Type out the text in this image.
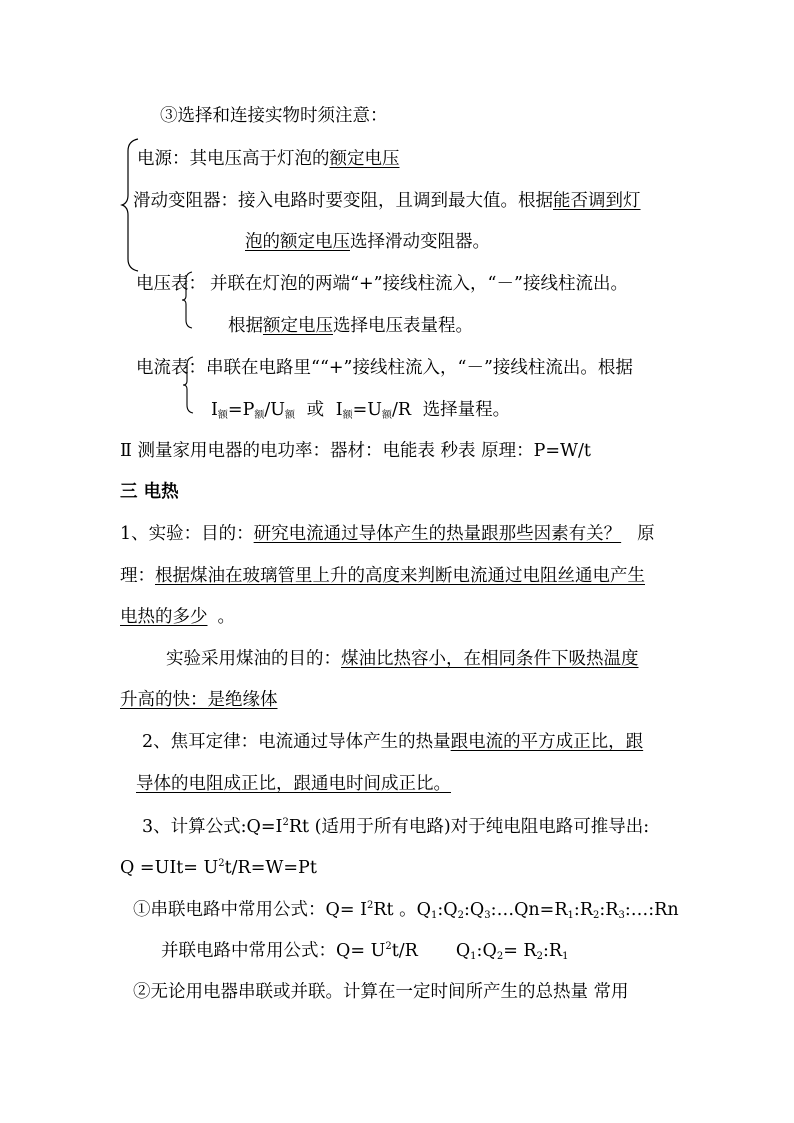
③选择和连接实物时须注意：
电源：其电压高于灯泡的额定电压
滑动变阻器：接入电路时要变阻，且调到最大值。根据能否调到灯
泡的额定电压选择滑动变阻器。
电压表： 并联在灯泡的两端“+”接线柱流入，“－”接线柱流出。
根据额定电压选择电压表量程。
电流表：串联在电路里““+”接线柱流入，“－”接线柱流出。根据
$I_额=P_额/U_额$ 或 $I_额=U_额/R$ 选择量程。
Ⅱ 测量家用电器的电功率：器材：电能表 秒表 原理：P=W/t
三 电热
1、实验：目的：研究电流通过导体产生的热量跟那些因素有关？ 原
理：根据煤油在玻璃管里上升的高度来判断电流通过电阻丝通电产生
电热的多少 。
实验采用煤油的目的：煤油比热容小，在相同条件下吸热温度
升高的快：是绝缘体
2、焦耳定律：电流通过导体产生的热量跟电流的平方成正比，跟
导体的电阻成正比，跟通电时间成正比。
3、计算公式$:Q=I^2Rt$ (适用于所有电路)对于纯电阻电路可推导出:
$Q =UIt= U^2t/R=W=Pt$
①串联电路中常用公式：$Q= I^2Rt$ 。$Q_1:Q_2:Q_3:\dots Qn=R_1:R_2:R_3:\dots:Rn$
并联电路中常用公式：$Q= U^2t/R$ $Q_1:Q_2=$ $R_2:R_1$
②无论用电器串联或并联。计算在一定时间所产生的总热量 常用
